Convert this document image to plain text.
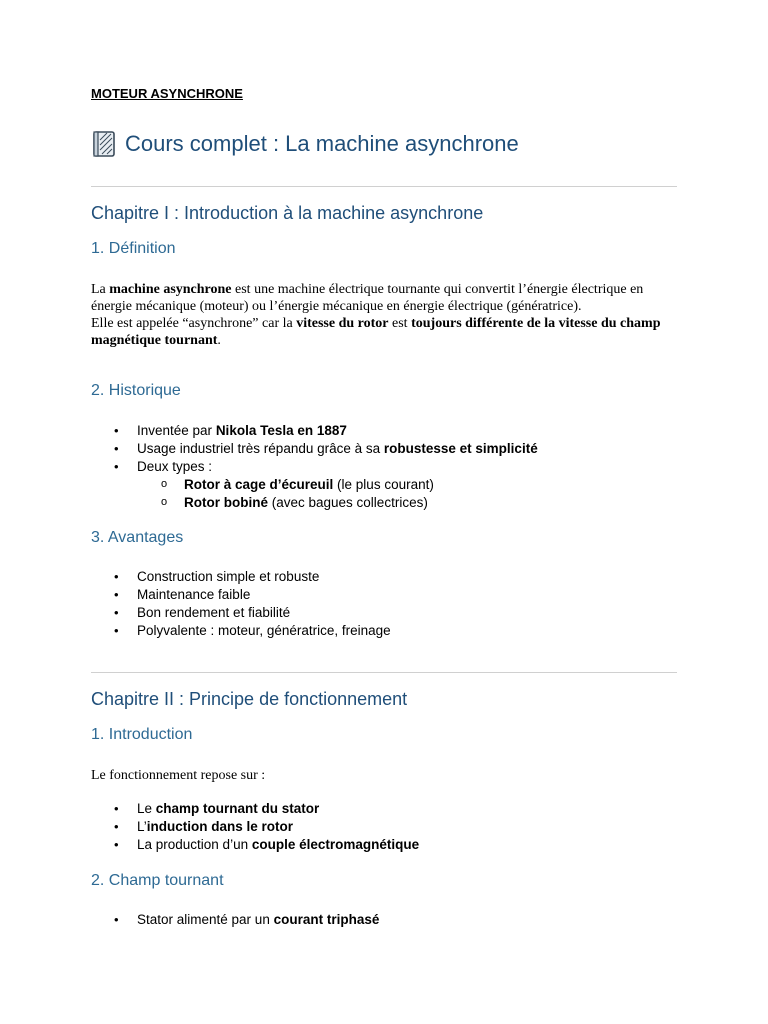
MOTEUR ASYNCHRONE
Cours complet : La machine asynchrone
Chapitre I : Introduction à la machine asynchrone
1. Définition
La machine asynchrone est une machine électrique tournante qui convertit l’énergie électrique en énergie mécanique (moteur) ou l’énergie mécanique en énergie électrique (génératrice).
Elle est appelée “asynchrone” car la vitesse du rotor est toujours différente de la vitesse du champ magnétique tournant.
2. Historique
• Inventée par Nikola Tesla en 1887
• Usage industriel très répandu grâce à sa robustesse et simplicité
• Deux types :
o Rotor à cage d’écureuil (le plus courant)
o Rotor bobiné (avec bagues collectrices)
3. Avantages
• Construction simple et robuste
• Maintenance faible
• Bon rendement et fiabilité
• Polyvalente : moteur, génératrice, freinage
Chapitre II : Principe de fonctionnement
1. Introduction
Le fonctionnement repose sur :
• Le champ tournant du stator
• L’induction dans le rotor
• La production d’un couple électromagnétique
2. Champ tournant
• Stator alimenté par un courant triphasé
